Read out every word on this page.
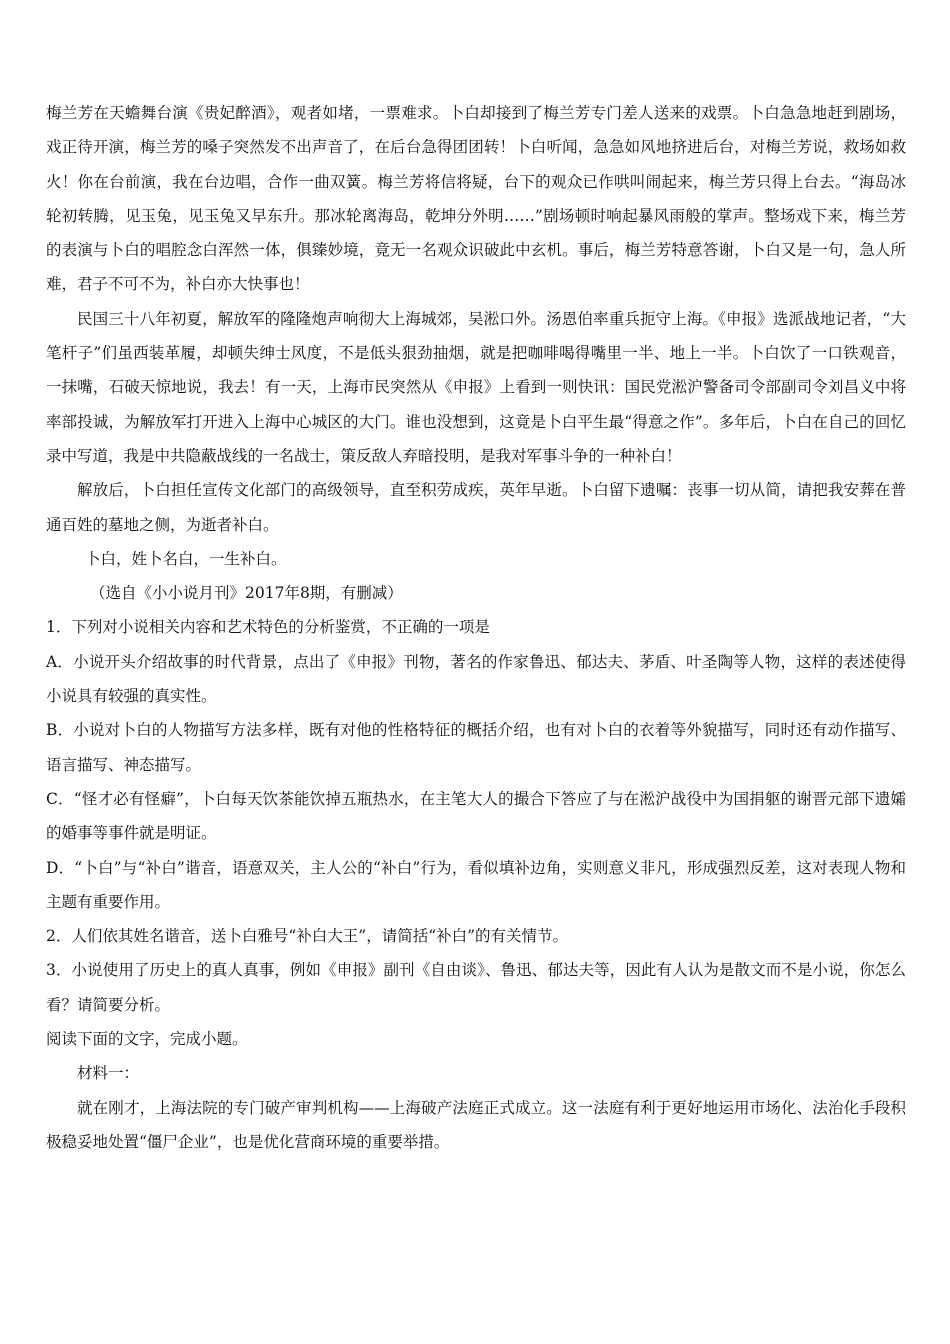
梅兰芳在天蟾舞台演《贵妃醉酒》，观者如堵，一票难求。卜白却接到了梅兰芳专门差人送来的戏票。卜白急急地赶到剧场，戏正待开演，梅兰芳的嗓子突然发不出声音了，在后台急得团团转！卜白听闻，急急如风地挤进后台，对梅兰芳说，救场如救火！你在台前演，我在台边唱，合作一曲双簧。梅兰芳将信将疑，台下的观众已作哄叫闹起来，梅兰芳只得上台去。“海岛冰轮初转腾，见玉兔，见玉兔又早东升。那冰轮离海岛，乾坤分外明……”剧场顿时响起暴风雨般的掌声。整场戏下来，梅兰芳的表演与卜白的唱腔念白浑然一体，俱臻妙境，竟无一名观众识破此中玄机。事后，梅兰芳特意答谢，卜白又是一句，急人所难，君子不可不为，补白亦大快事也！

民国三十八年初夏，解放军的隆隆炮声响彻大上海城郊，吴淞口外。汤恩伯率重兵扼守上海。《申报》选派战地记者，“大笔杆子”们虽西装革履，却顿失绅士风度，不是低头狠劲抽烟，就是把咖啡喝得嘴里一半、地上一半。卜白饮了一口铁观音，一抹嘴，石破天惊地说，我去！有一天，上海市民突然从《申报》上看到一则快讯：国民党淞沪警备司令部副司令刘昌义中将率部投诚，为解放军打开进入上海中心城区的大门。谁也没想到，这竟是卜白平生最“得意之作”。多年后，卜白在自己的回忆录中写道，我是中共隐蔽战线的一名战士，策反敌人弃暗投明，是我对军事斗争的一种补白！

解放后，卜白担任宣传文化部门的高级领导，直至积劳成疾，英年早逝。卜白留下遗嘱：丧事一切从简，请把我安葬在普通百姓的墓地之侧，为逝者补白。

卜白，姓卜名白，一生补白。

（选自《小小说月刊》2017年8期，有删减）

1．下列对小说相关内容和艺术特色的分析鉴赏，不正确的一项是

A．小说开头介绍故事的时代背景，点出了《申报》刊物，著名的作家鲁迅、郁达夫、茅盾、叶圣陶等人物，这样的表述使得小说具有较强的真实性。

B．小说对卜白的人物描写方法多样，既有对他的性格特征的概括介绍，也有对卜白的衣着等外貌描写，同时还有动作描写、语言描写、神态描写。

C．“怪才必有怪癖”，卜白每天饮茶能饮掉五瓶热水，在主笔大人的撮合下答应了与在淞沪战役中为国捐躯的谢晋元部下遗孀的婚事等事件就是明证。

D．“卜白”与“补白”谐音，语意双关，主人公的“补白”行为，看似填补边角，实则意义非凡，形成强烈反差，这对表现人物和主题有重要作用。

2．人们依其姓名谐音，送卜白雅号“补白大王”，请简括“补白”的有关情节。

3．小说使用了历史上的真人真事，例如《申报》副刊《自由谈》、鲁迅、郁达夫等，因此有人认为是散文而不是小说，你怎么看？请简要分析。

阅读下面的文字，完成小题。

材料一：

就在刚才，上海法院的专门破产审判机构——上海破产法庭正式成立。这一法庭有利于更好地运用市场化、法治化手段积极稳妥地处置“僵尸企业”，也是优化营商环境的重要举措。
